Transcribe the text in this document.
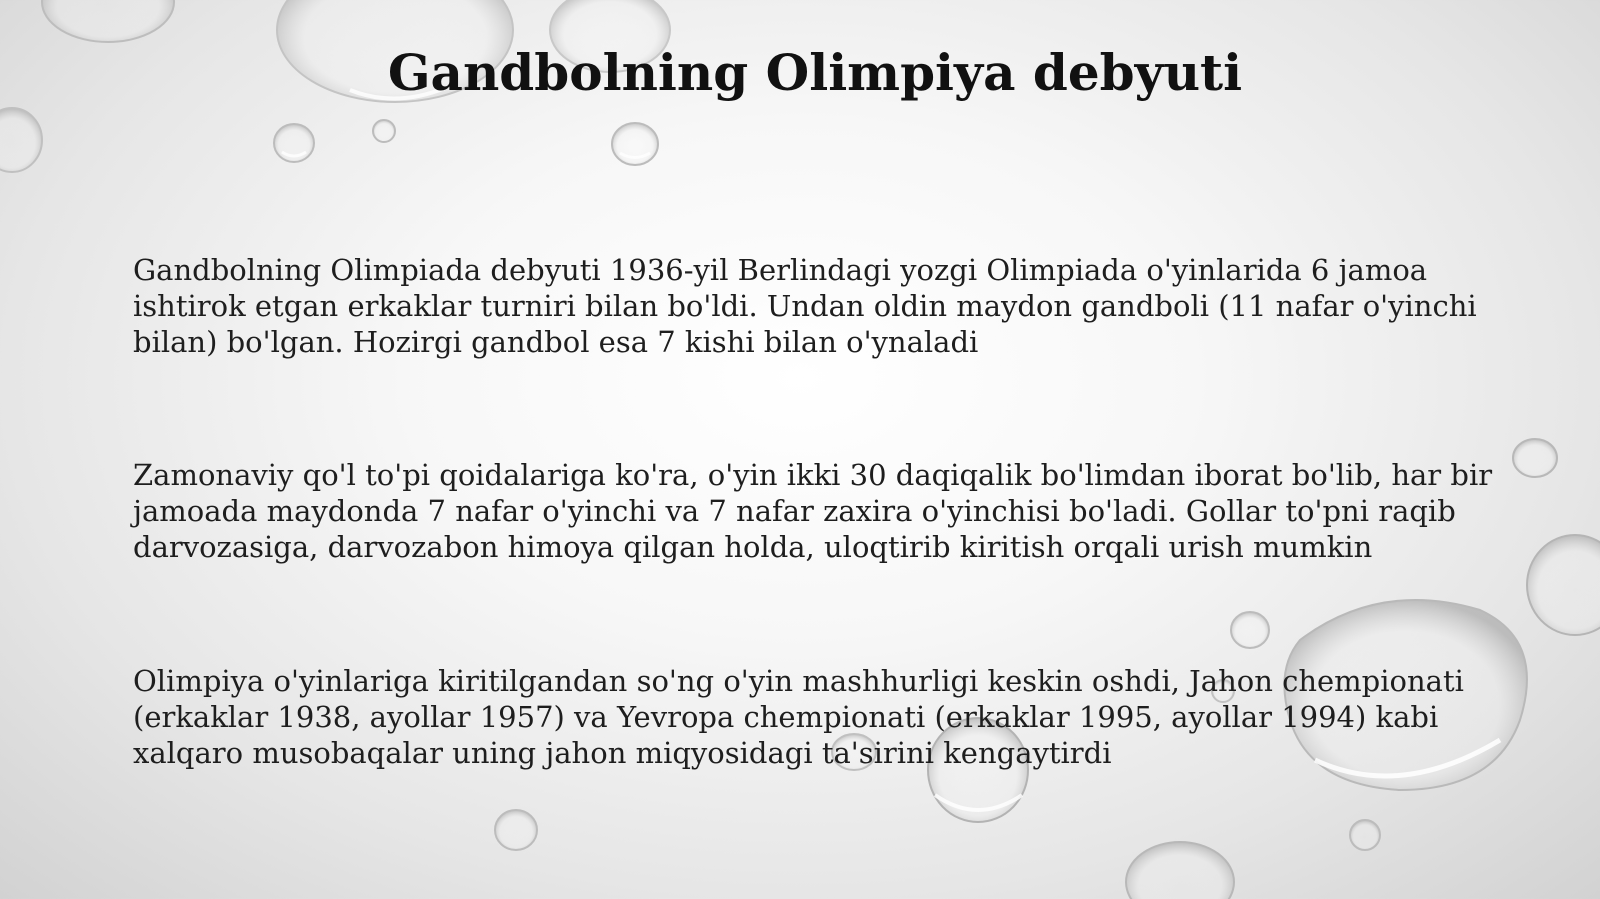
Gandbolning Olimpiya debyuti

Gandbolning Olimpiada debyuti 1936-yil Berlindagi yozgi Olimpiada o'yinlarida 6 jamoa ishtirok etgan erkaklar turniri bilan bo'ldi. Undan oldin maydon gandboli (11 nafar o'yinchi bilan) bo'lgan. Hozirgi gandbol esa 7 kishi bilan o'ynaladi

Zamonaviy qo'l to'pi qoidalariga ko'ra, o'yin ikki 30 daqiqalik bo'limdan iborat bo'lib, har bir jamoada maydonda 7 nafar o'yinchi va 7 nafar zaxira o'yinchisi bo'ladi. Gollar to'pni raqib darvozasiga, darvozabon himoya qilgan holda, uloqtirib kiritish orqali urish mumkin

Olimpiya o'yinlariga kiritilgandan so'ng o'yin mashhurligi keskin oshdi, Jahon chempionati (erkaklar 1938, ayollar 1957) va Yevropa chempionati (erkaklar 1995, ayollar 1994) kabi xalqaro musobaqalar uning jahon miqyosidagi ta'sirini kengaytirdi
